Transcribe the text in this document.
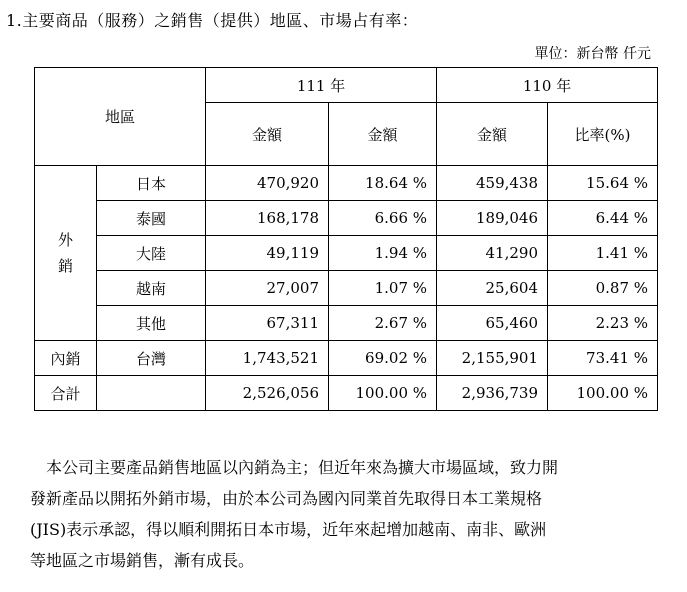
1.主要商品（服務）之銷售（提供）地區、市場占有率：
單位：新台幣 仟元
地區		111 年		110 年	
		金額	金額	金額	比率(%)

外
銷	日本	470,920	18.64 %	459,438	15.64 %
	泰國	168,178	6.66 %	189,046	6.44 %
	大陸	49,119	1.94 %	41,290	1.41 %
	越南	27,007	1.07 %	25,604	0.87 %
	其他	67,311	2.67 %	65,460	2.23 %
內銷	台灣	1,743,521	69.02 %	2,155,901	73.41 %
合計		2,526,056	100.00 %	2,936,739	100.00 %

本公司主要產品銷售地區以內銷為主；但近年來為擴大市場區域，致力開

發新產品以開拓外銷市場，由於本公司為國內同業首先取得日本工業規格

(JIS)表示承認，得以順利開拓日本市場，近年來起增加越南、南非、歐洲

等地區之市場銷售，漸有成長。
